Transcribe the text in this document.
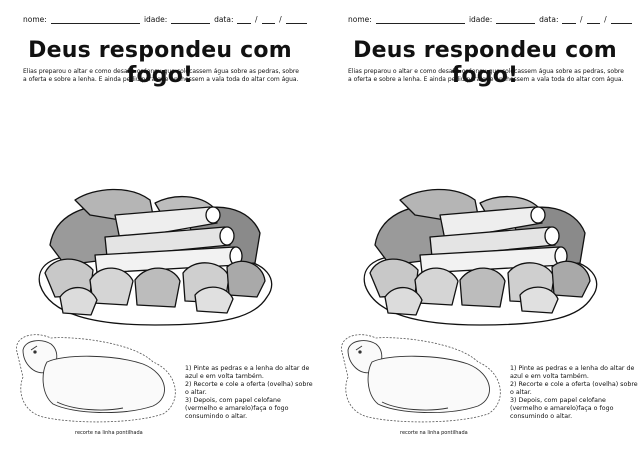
nome:	idade:	data:	/	/
Deus respondeu com fogo!
Elias preparou o altar e como desafio ordenou que colocassem água sobre as pedras, sobre a oferta e sobre a lenha. E ainda pediu para que enchessem a vala toda do altar com água.
recorte na linha pontilhada
1) Pinte as pedras e a lenha do altar de azul e em volta também.
2) Recorte e cole a oferta (ovelha) sobre o altar.
3) Depois, com papel celofane (vermelho e amarelo)faça o fogo consumindo o altar.
nome:	idade:	data:	/	/
Deus respondeu com fogo!
Elias preparou o altar e como desafio ordenou que colocassem água sobre as pedras, sobre a oferta e sobre a lenha. E ainda pediu para que enchessem a vala toda do altar com água.
recorte na linha pontilhada
1) Pinte as pedras e a lenha do altar de azul e em volta também.
2) Recorte e cole a oferta (ovelha) sobre o altar.
3) Depois, com papel celofane (vermelho e amarelo)faça o fogo consumindo o altar.
